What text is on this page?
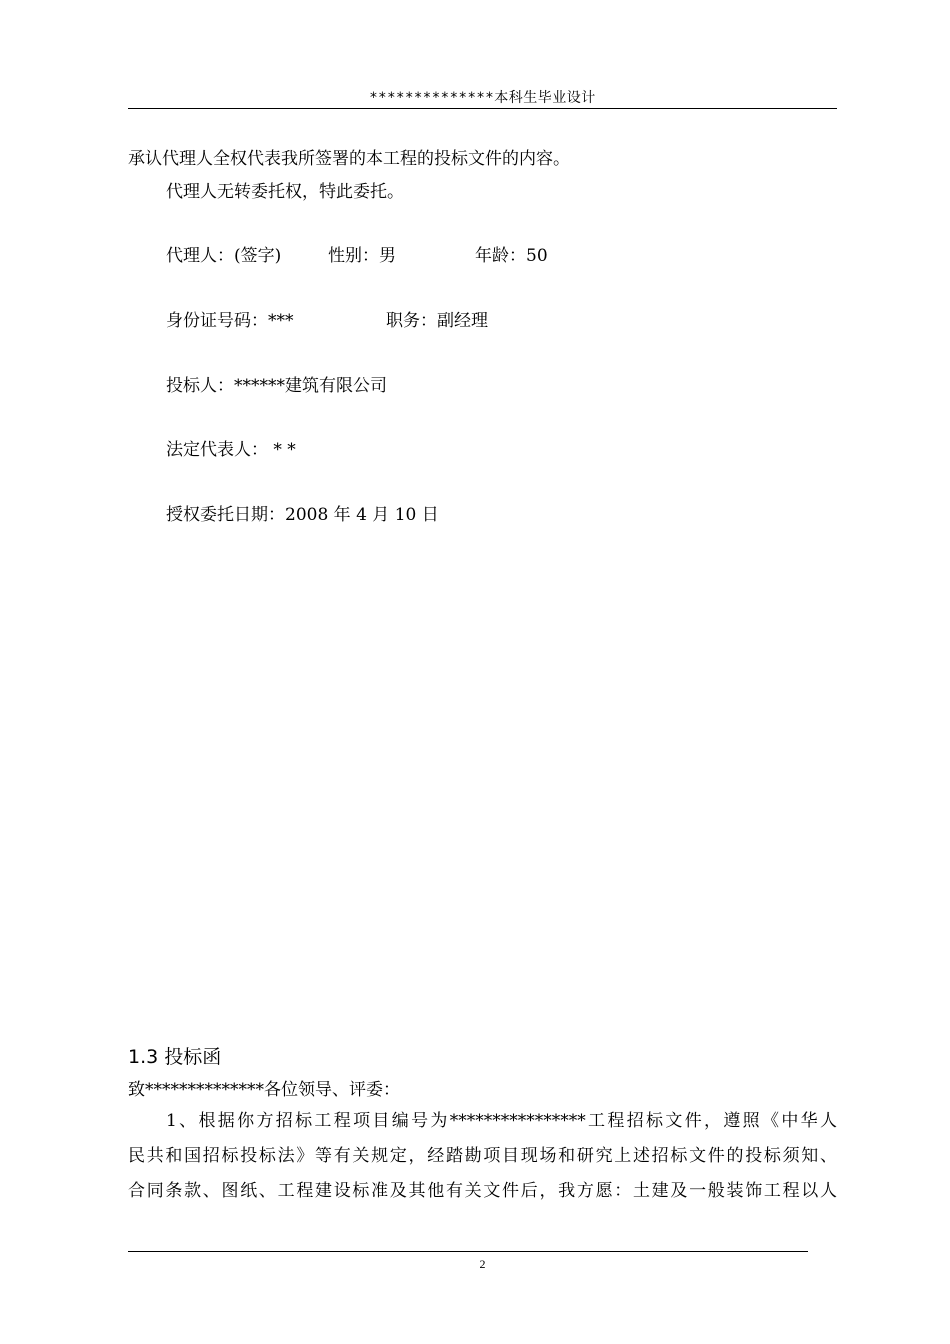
**************本科生毕业设计
承认代理人全权代表我所签署的本工程的投标文件的内容。
代理人无转委托权，特此委托。
代理人：(签字)	性别：男	年龄：50
身份证号码：***	职务：副经理
投标人：******建筑有限公司
法定代表人： * *
授权委托日期：2008 年 4 月 10 日
1.3 投标函
致**************各位领导、评委：
1、根据你方招标工程项目编号为****************工程招标文件，遵照《中华人
民共和国招标投标法》等有关规定，经踏勘项目现场和研究上述招标文件的投标须知、
合同条款、图纸、工程建设标准及其他有关文件后，我方愿：土建及一般装饰工程以人
2
